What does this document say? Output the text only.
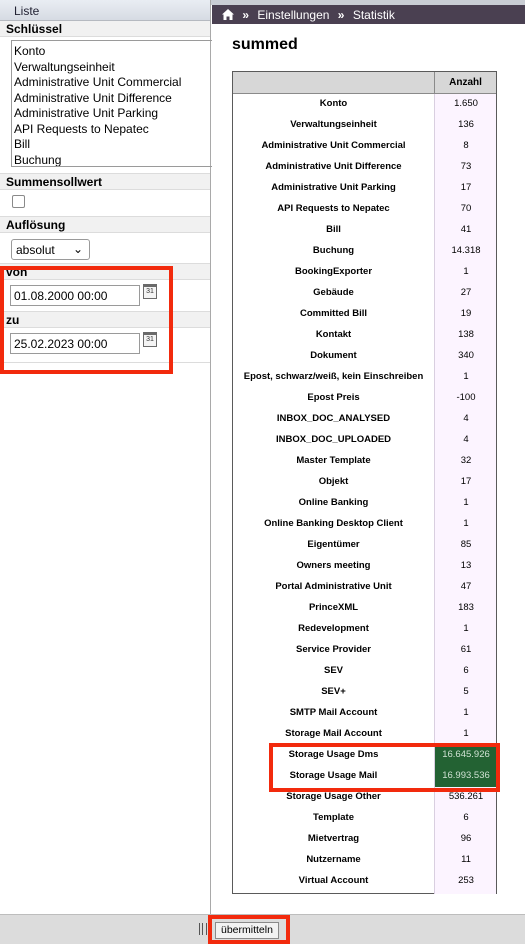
Liste
Schlüssel
Konto
Verwaltungseinheit
Administrative Unit Commercial
Administrative Unit Difference
Administrative Unit Parking
API Requests to Nepatec
Bill
Buchung
Summensollwert
Auflösung
absolut ⌄
von
01.08.2000 00:00	31
zu
25.02.2023 00:00	31
» Einstellungen » Statistik
summed
Anzahl
Konto	1.650
Verwaltungseinheit	136
Administrative Unit Commercial	8
Administrative Unit Difference	73
Administrative Unit Parking	17
API Requests to Nepatec	70
Bill	41
Buchung	14.318
BookingExporter	1
Gebäude	27
Committed Bill	19
Kontakt	138
Dokument	340
Epost, schwarz/weiß, kein Einschreiben	1
Epost Preis	-100
INBOX_DOC_ANALYSED	4
INBOX_DOC_UPLOADED	4
Master Template	32
Objekt	17
Online Banking	1
Online Banking Desktop Client	1
Eigentümer	85
Owners meeting	13
Portal Administrative Unit	47
PrinceXML	183
Redevelopment	1
Service Provider	61
SEV	6
SEV+	5
SMTP Mail Account	1
Storage Mail Account	1
Storage Usage Dms	16.645.926
Storage Usage Mail	16.993.536
Storage Usage Other	536.261
Template	6
Mietvertrag	96
Nutzername	11
Virtual Account	253
übermitteln
